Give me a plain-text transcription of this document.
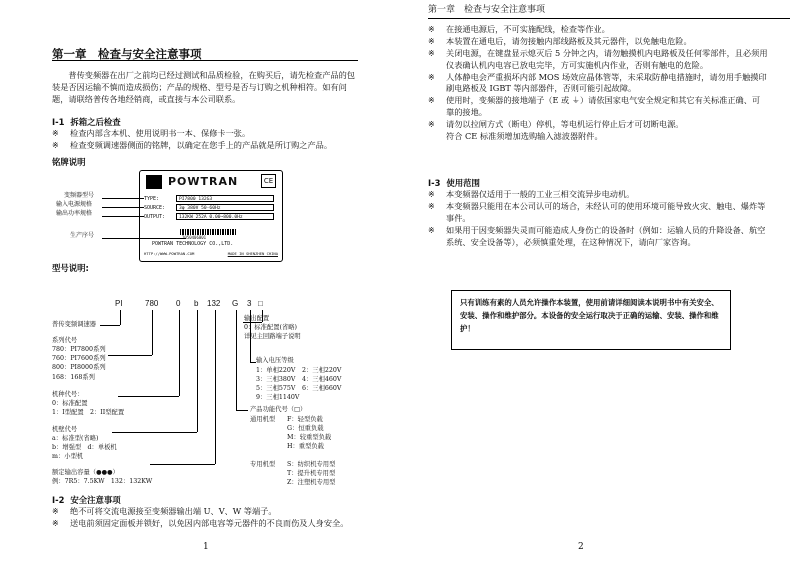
第一章　检查与安全注意事项

普传变频器在出厂之前均已经过测试和品质检验，在购买后，请先检查产品的包装是否因运输不慎而造成损伤；产品的规格、型号是否与订购之机种相符。如有问题，请联络普传各地经销商，或直接与本公司联系。

I-1 拆箱之后检查
※	检查内部含本机、使用说明书一本、保修卡一张。
※	检查变频调速器侧面的铭牌，以确定在您手上的产品就是所订购之产品。
铭牌说明
POWTRAN	CE
TYPE:	PI7800 132G3
SOURCE:	3φ 380V 50-60Hz
OUTPUT:	132KW 252A 0.00~800.0Hz
2050406001
POWTRAN TECHNOLOGY CO.,LTD.
HTTP://WWW.POWTRAN.COM	MADE IN SHENZHEN CHINA
变频器型号
输入电源规格
输出功率规格
生产序号
型号说明:
PI	780 0 b 132 G 3 □
普传变频调速器
系列代号
780：PI7800系列
760：PI7600系列
800：PI8000系列
168：168系列
机种代号：
0：标准配置
1：I型配置　2：II型配置
机壁代号
a：标准型(省略)
b：增强型　d：单板机
m：小型机
额定输出容量（●●●）
例：7R5：7.5KW　132：132KW
输出配置
0：标准配置(省略)
详见主回路端子说明
输入电压等级
1：单相220V 2：三相220V
3：三相380V 4：三相460V
5：三相575V 6：三相660V
9：三相1140V
产品功能代号（□）
通用机型 F：轻型负载
G：恒重负载
M：较重型负载
H：重型负载
专用机型 S：纺织机专用型
T：提升机专用型
Z：注塑机专用型
I-2 安全注意事项
※	绝不可将交流电源接至变频器输出端 U、V、W 等端子。
※	送电前须固定面板并锁好，以免因内部电容等元器件的不良而伤及人身安全。
1
第一章　检查与安全注意事项
※	在接通电源后，不可实施配线，检查等作业。
※	本装置在通电后，请勿接触内部线路板及其元器件，以免触电危险。
※	关闭电源，在键盘显示熄灭后 5 分钟之内，请勿触摸机内电路板及任何零部件，且必须用仪表确认机内电容已放电完毕，方可实施机内作业，否则有触电的危险。
※	人体静电会严重损坏内部 MOS 场效应晶体管等，未采取防静电措施时，请勿用手触摸印刷电路板及 IGBT 等内部器件，否则可能引起故障。
※	使用时，变频器的接地端子（E 或 ⏚）请依国家电气安全规定和其它有关标准正确、可靠的接地。
※	请勿以拉闸方式（断电）停机，等电机运行停止后才可切断电源。
符合 CE 标准须增加选购输入滤波器附件。
I-3 使用范围
※	本变频器仅适用于一般的工业三相交流异步电动机。
※	本变频器只能用在本公司认可的场合，未经认可的使用环境可能导致火灾、触电、爆炸等事件。
※	如果用于因变频器失灵而可能造成人身伤亡的设备时（例如：运输人员的升降设备、航空系统、安全设备等），必须慎重处理，在这种情况下，请向厂家咨询。
只有训练有素的人员允许操作本装置，使用前请详细阅读本说明书中有关安全、安装、操作和维护部分。本设备的安全运行取决于正确的运输、安装、操作和维护！
2
